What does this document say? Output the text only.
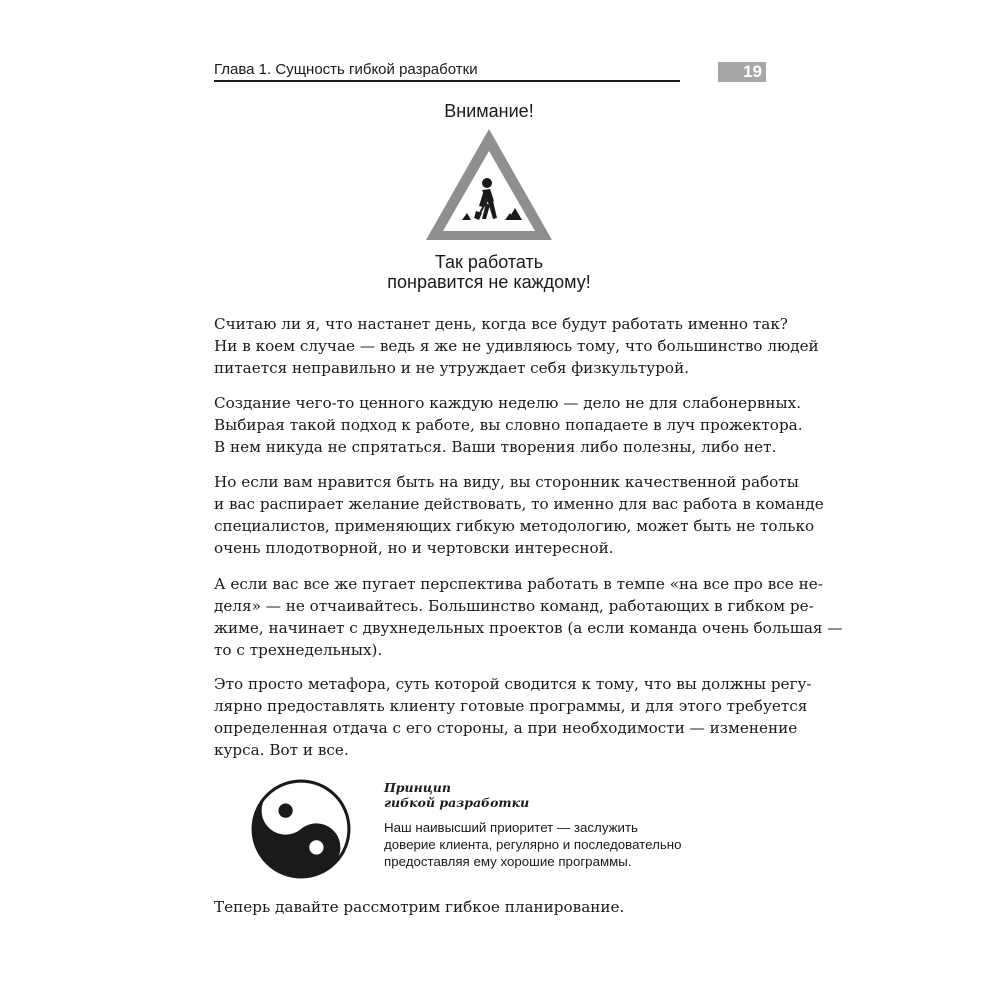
Глава 1. Сущность гибкой разработки	19
Внимание!
Так работать
понравится не каждому!

Считаю ли я, что настанет день, когда все будут работать именно так?
Ни в коем случае — ведь я же не удивляюсь тому, что большинство людей
питается неправильно и не утруждает себя физкультурой.

Создание чего-то ценного каждую неделю — дело не для слабонервных.
Выбирая такой подход к работе, вы словно попадаете в луч прожектора.
В нем никуда не спрятаться. Ваши творения либо полезны, либо нет.

Но если вам нравится быть на виду, вы сторонник качественной работы
и вас распирает желание действовать, то именно для вас работа в команде
специалистов, применяющих гибкую методологию, может быть не только
очень плодотворной, но и чертовски интересной.

А если вас все же пугает перспектива работать в темпе «на все про все не-
деля» — не отчаивайтесь. Большинство команд, работающих в гибком ре-
жиме, начинает с двухнедельных проектов (а если команда очень большая —
то с трехнедельных).

Это просто метафора, суть которой сводится к тому, что вы должны регу-
лярно предоставлять клиенту готовые программы, и для этого требуется
определенная отдача с его стороны, а при необходимости — изменение
курса. Вот и все.

Принцип
гибкой разработки
Наш наивысший приоритет — заслужить
доверие клиента, регулярно и последовательно
предоставляя ему хорошие программы.
Теперь давайте рассмотрим гибкое планирование.
